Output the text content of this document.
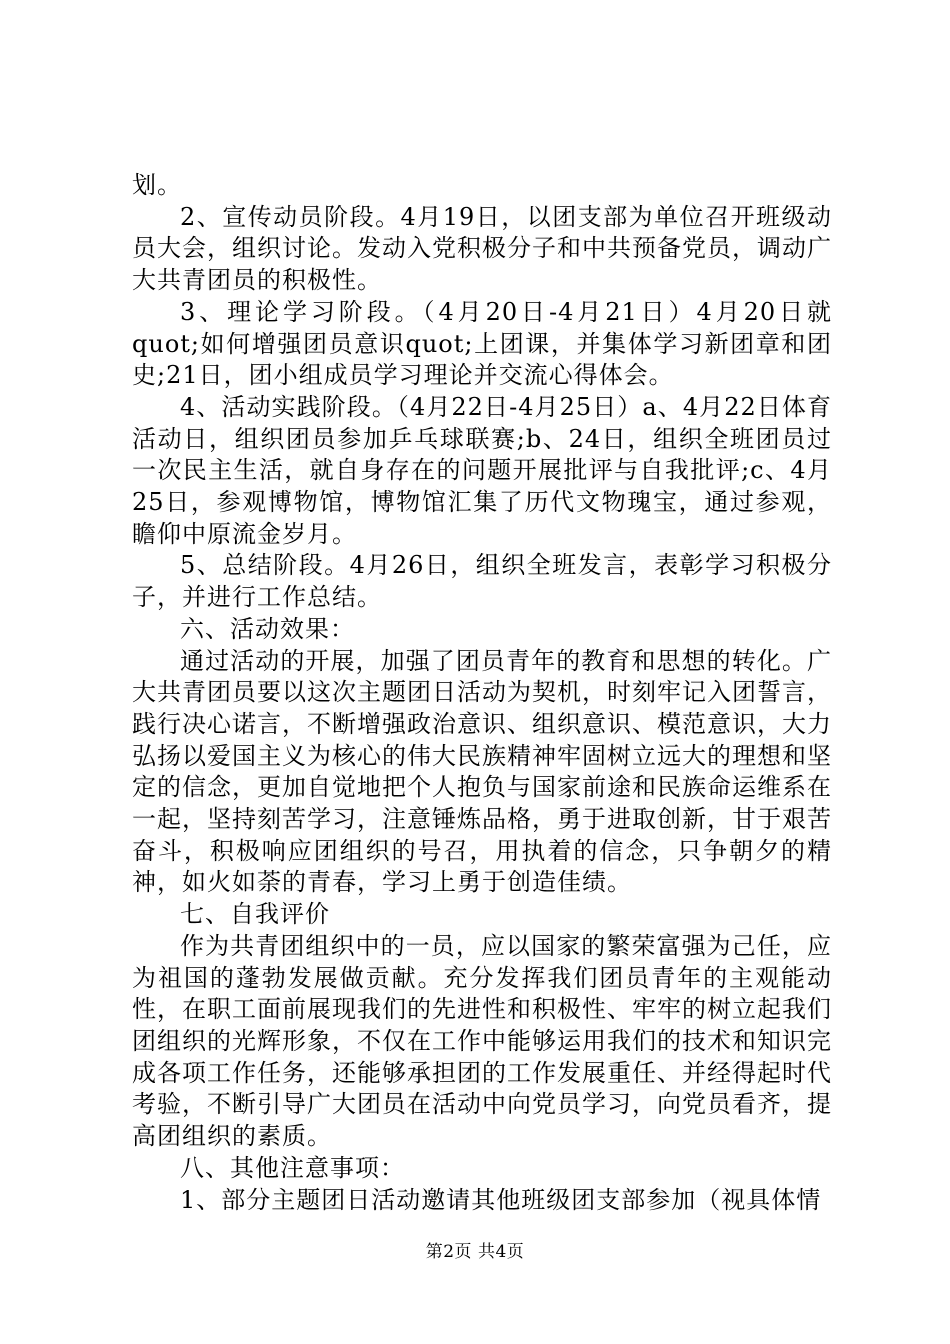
划。

2、宣传动员阶段。4月19日，以团支部为单位召开班级动员大会，组织讨论。发动入党积极分子和中共预备党员，调动广大共青团员的积极性。

3、理论学习阶段。（4月20日-4月21日）4月20日就quot;如何增强团员意识quot;上团课，并集体学习新团章和团史;21日，团小组成员学习理论并交流心得体会。

4、活动实践阶段。（4月22日-4月25日）a、4月22日体育活动日，组织团员参加乒乓球联赛;b、24日，组织全班团员过一次民主生活，就自身存在的问题开展批评与自我批评;c、4月25日，参观博物馆，博物馆汇集了历代文物瑰宝，通过参观，瞻仰中原流金岁月。

5、总结阶段。4月26日，组织全班发言，表彰学习积极分子，并进行工作总结。

六、活动效果：

通过活动的开展，加强了团员青年的教育和思想的转化。广大共青团员要以这次主题团日活动为契机，时刻牢记入团誓言，践行决心诺言，不断增强政治意识、组织意识、模范意识，大力弘扬以爱国主义为核心的伟大民族精神牢固树立远大的理想和坚定的信念，更加自觉地把个人抱负与国家前途和民族命运维系在一起，坚持刻苦学习，注意锤炼品格，勇于进取创新，甘于艰苦奋斗，积极响应团组织的号召，用执着的信念，只争朝夕的精神，如火如荼的青春，学习上勇于创造佳绩。

七、自我评价

作为共青团组织中的一员，应以国家的繁荣富强为己任，应为祖国的蓬勃发展做贡献。充分发挥我们团员青年的主观能动性，在职工面前展现我们的先进性和积极性、牢牢的树立起我们团组织的光辉形象，不仅在工作中能够运用我们的技术和知识完成各项工作任务，还能够承担团的工作发展重任、并经得起时代考验，不断引导广大团员在活动中向党员学习，向党员看齐，提高团组织的素质。

八、其他注意事项：

1、部分主题团日活动邀请其他班级团支部参加（视具体情

第2页 共4页
